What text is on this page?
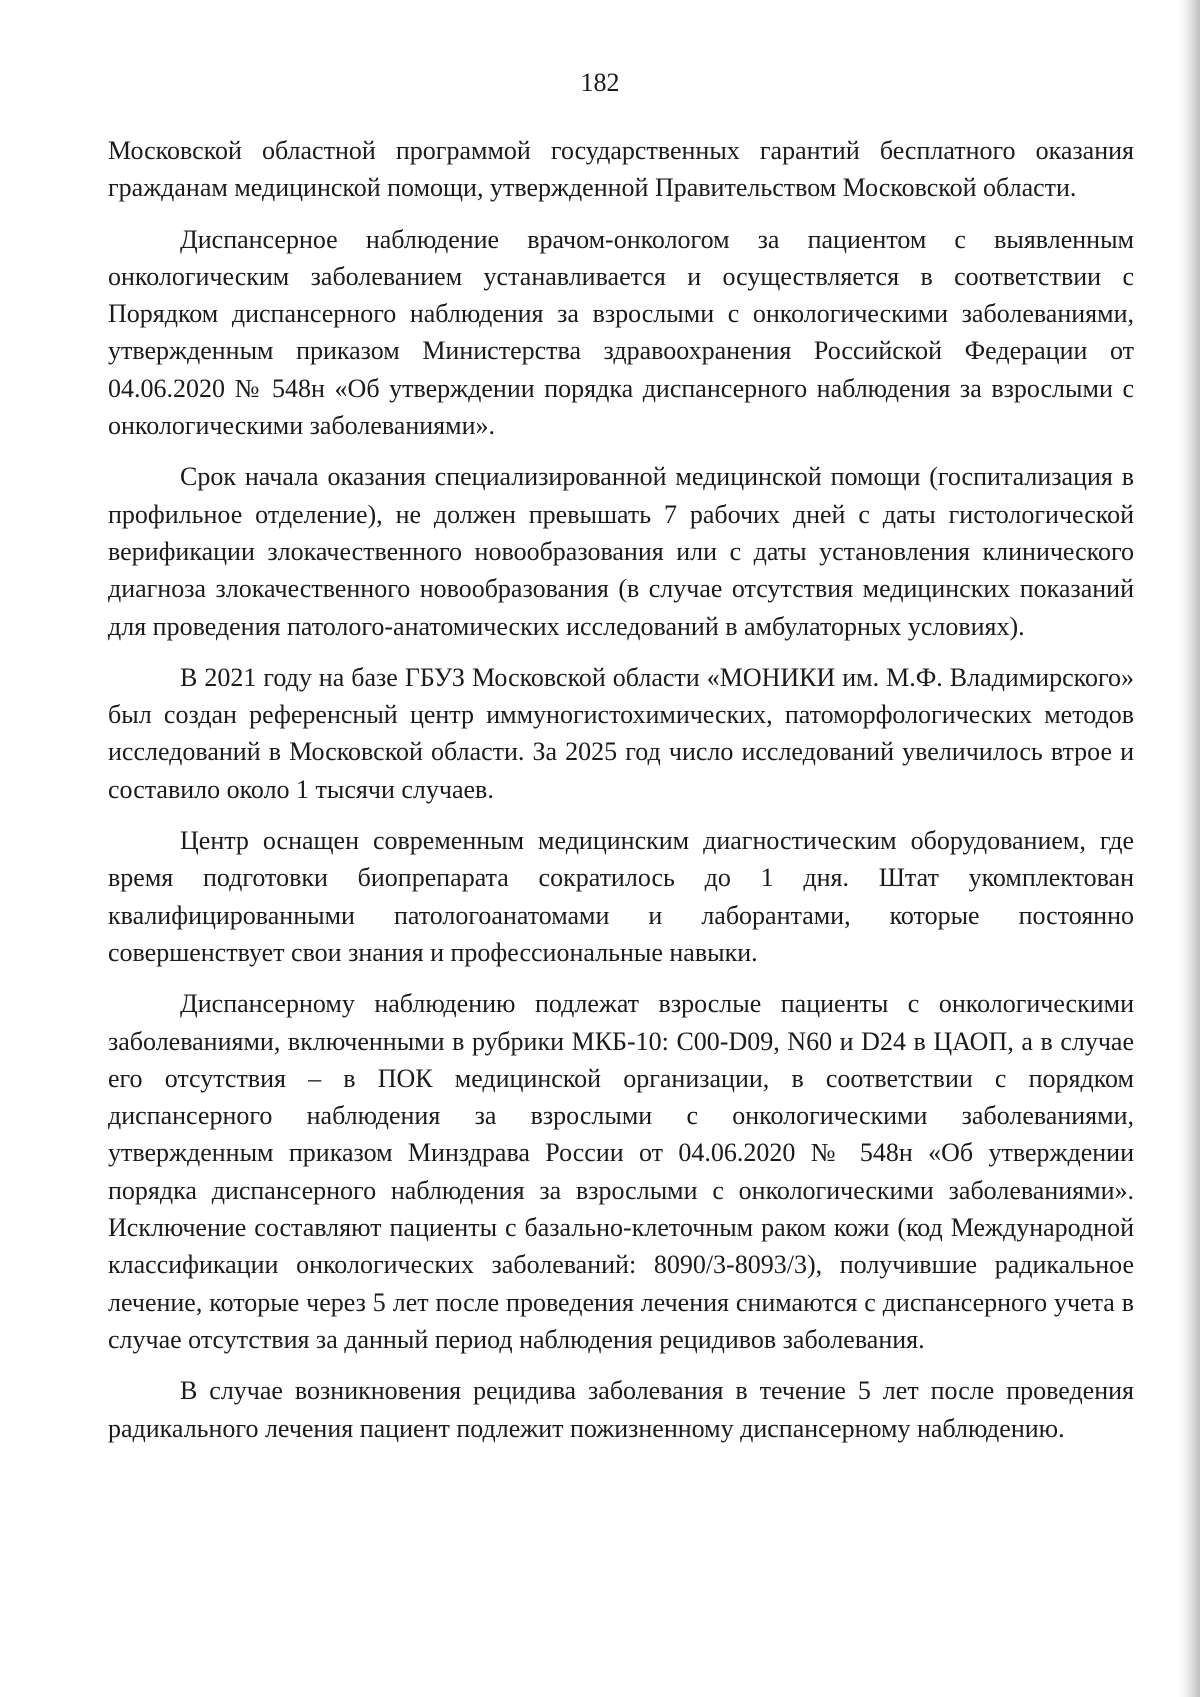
182

Московской областной программой государственных гарантий бесплатного оказания гражданам медицинской помощи, утвержденной Правительством Московской области.

Диспансерное наблюдение врачом-онкологом за пациентом с выявленным онкологическим заболеванием устанавливается и осуществляется в соответствии с Порядком диспансерного наблюдения за взрослыми с онкологическими заболеваниями, утвержденным приказом Министерства здравоохранения Российской Федерации от 04.06.2020 № 548н «Об утверждении порядка диспансерного наблюдения за взрослыми с онкологическими заболеваниями».

Срок начала оказания специализированной медицинской помощи (госпитализация в профильное отделение), не должен превышать 7 рабочих дней с даты гистологической верификации злокачественного новообразования или с даты установления клинического диагноза злокачественного новообразования (в случае отсутствия медицинских показаний для проведения патолого-анатомических исследований в амбулаторных условиях).

В 2021 году на базе ГБУЗ Московской области «МОНИКИ им. М.Ф. Владимирского» был создан референсный центр иммуногистохимических, патоморфологических методов исследований в Московской области. За 2025 год число исследований увеличилось втрое и составило около 1 тысячи случаев.

Центр оснащен современным медицинским диагностическим оборудованием, где время подготовки биопрепарата сократилось до 1 дня. Штат укомплектован квалифицированными патологоанатомами и лаборантами, которые постоянно совершенствует свои знания и профессиональные навыки.

Диспансерному наблюдению подлежат взрослые пациенты с онкологическими заболеваниями, включенными в рубрики МКБ-10: С00-D09, N60 и D24 в ЦАОП, а в случае его отсутствия – в ПОК медицинской организации, в соответствии с порядком диспансерного наблюдения за взрослыми с онкологическими заболеваниями, утвержденным приказом Минздрава России от 04.06.2020 № 548н «Об утверждении порядка диспансерного наблюдения за взрослыми с онкологическими заболеваниями». Исключение составляют пациенты с базально-клеточным раком кожи (код Международной классификации онкологических заболеваний: 8090/3-8093/3), получившие радикальное лечение, которые через 5 лет после проведения лечения снимаются с диспансерного учета в случае отсутствия за данный период наблюдения рецидивов заболевания.

В случае возникновения рецидива заболевания в течение 5 лет после проведения радикального лечения пациент подлежит пожизненному диспансерному наблюдению.
